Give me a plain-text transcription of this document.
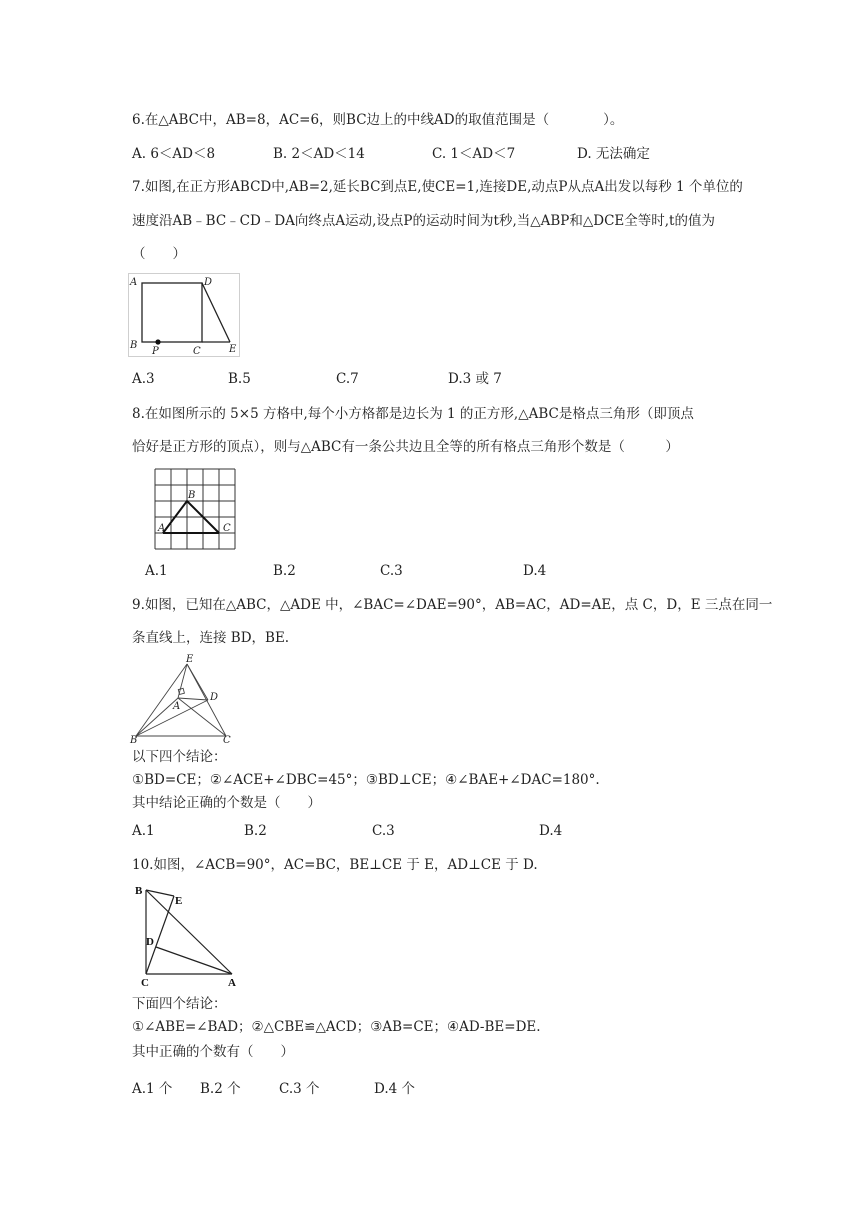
6.在△ABC中，AB=8，AC=6，则BC边上的中线AD的取值范围是（　　　　）。
A. 6＜AD＜8	B. 2＜AD＜14	C. 1＜AD＜7	D. 无法确定
7.如图,在正方形ABCD中,AB=2,延长BC到点E,使CE=1,连接DE,动点P从点A出发以每秒 1 个单位的
速度沿AB﹣BC﹣CD﹣DA向终点A运动,设点P的运动时间为t秒,当△ABP和△DCE全等时,t的值为
（　　）
A	D
B
P	C	E
A.3	B.5	C.7	D.3 或 7
8.在如图所示的 5×5 方格中,每个小方格都是边长为 1 的正方形,△ABC是格点三角形（即顶点
恰好是正方形的顶点），则与△ABC有一条公共边且全等的所有格点三角形个数是（　　　）
B
A	C
A.1	B.2	C.3	D.4
9.如图，已知在△ABC，△ADE 中，∠BAC=∠DAE=90°，AB=AC，AD=AE，点 C，D，E 三点在同一
条直线上，连接 BD，BE.
E
D
A
B	C
以下四个结论：
①BD=CE；②∠ACE+∠DBC=45°；③BD⊥CE；④∠BAE+∠DAC=180°.
其中结论正确的个数是（　　）
A.1	B.2	C.3	D.4
10.如图，∠ACB=90°，AC=BC，BE⊥CE 于 E，AD⊥CE 于 D.
B
E
D
C	A
下面四个结论：
①∠ABE=∠BAD；②△CBE≌△ACD；③AB=CE；④AD-BE=DE.
其中正确的个数有（　　）
A.1 个 B.2 个	C.3 个	D.4 个
